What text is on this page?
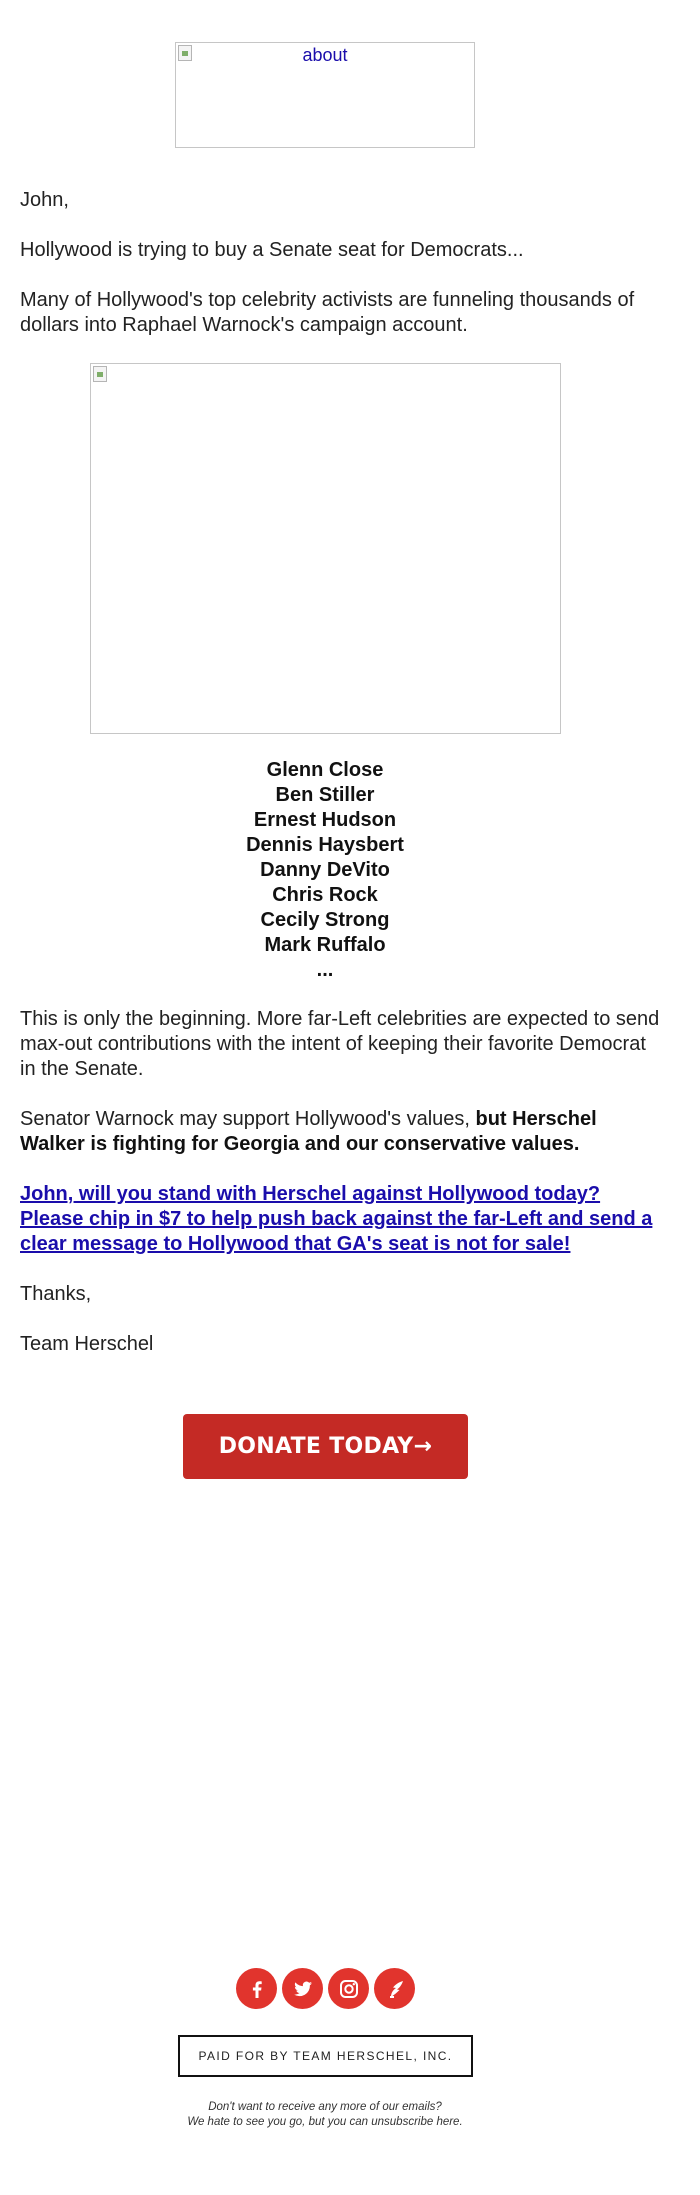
about

John,

Hollywood is trying to buy a Senate seat for Democrats...

Many of Hollywood's top celebrity activists are funneling thousands of dollars into Raphael Warnock's campaign account.

Glenn Close
Ben Stiller
Ernest Hudson
Dennis Haysbert
Danny DeVito
Chris Rock
Cecily Strong
Mark Ruffalo
...

This is only the beginning. More far-Left celebrities are expected to send max-out contributions with the intent of keeping their favorite Democrat in the Senate.

Senator Warnock may support Hollywood's values, but Herschel Walker is fighting for Georgia and our conservative values.

John, will you stand with Herschel against Hollywood today? Please chip in $7 to help push back against the far-Left and send a clear message to Hollywood that GA's seat is not for sale!

Thanks,

Team Herschel

DONATE TODAY→
PAID FOR BY TEAM HERSCHEL, INC.
Don't want to receive any more of our emails?
We hate to see you go, but you can unsubscribe here.
